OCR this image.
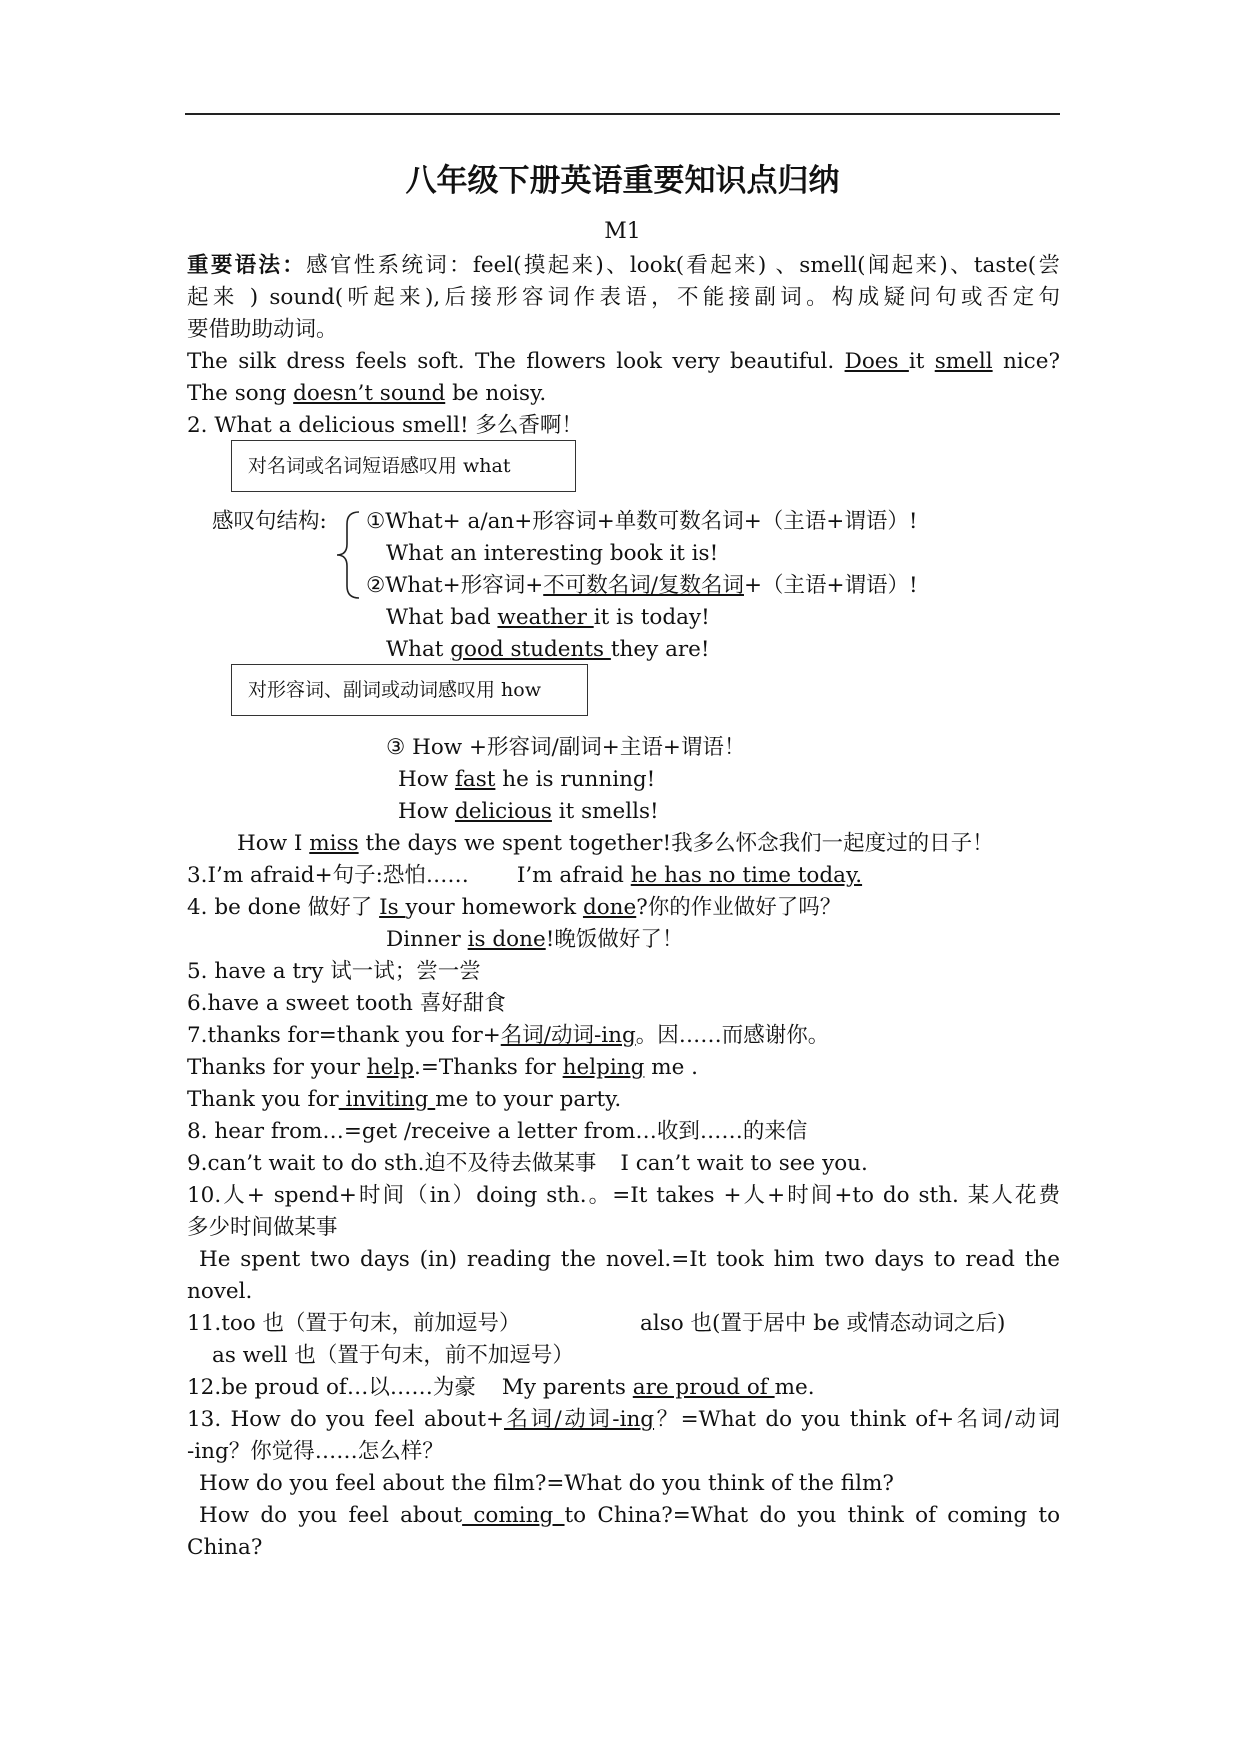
八年级下册英语重要知识点归纳
M1
重要语法：感官性系统词：feel(摸起来)、look(看起来) 、smell(闻起来)、taste(尝
起来 ) sound(听起来),后接形容词作表语，不能接副词。构成疑问句或否定句
要借助助动词。
The silk dress feels soft. The flowers look very beautiful. Does it smell nice?
The song doesn’t sound be noisy.
2. What a delicious smell! 多么香啊！
对名词或名词短语感叹用 what
感叹句结构: ①What+ a/an+形容词+单数可数名词+（主语+谓语）!
What an interesting book it is!
②What+形容词+不可数名词/复数名词+（主语+谓语）!
What bad weather it is today!
What good students they are!
对形容词、副词或动词感叹用 how
③ How +形容词/副词+主语+谓语！
How fast he is running!
How delicious it smells!
How I miss the days we spent together!我多么怀念我们一起度过的日子！
3.I’m afraid+句子:恐怕…… I’m afraid he has no time today.
4. be done 做好了 Is your homework done?你的作业做好了吗？
Dinner is done!晚饭做好了！
5. have a try 试一试；尝一尝
6.have a sweet tooth 喜好甜食
7.thanks for=thank you for+名词/动词-ing。因……而感谢你。
Thanks for your help.=Thanks for helping me .
Thank you for inviting me to your party.
8. hear from…=get /receive a letter from…收到……的来信
9.can’t wait to do sth.迫不及待去做某事 I can’t wait to see you.
10.人+ spend+时间（in）doing sth.。=It takes +人+时间+to do sth. 某人花费
多少时间做某事
He spent two days (in) reading the novel.=It took him two days to read the
novel.
11.too 也（置于句末，前加逗号）	also 也(置于居中 be 或情态动词之后)
as well 也（置于句末，前不加逗号）
12.be proud of…以……为豪 My parents are proud of me.
13. How do you feel about+名词/动词-ing？=What do you think of+名词/动词
-ing？你觉得……怎么样？
How do you feel about the film?=What do you think of the film?
How do you feel about coming to China?=What do you think of coming to
China?
